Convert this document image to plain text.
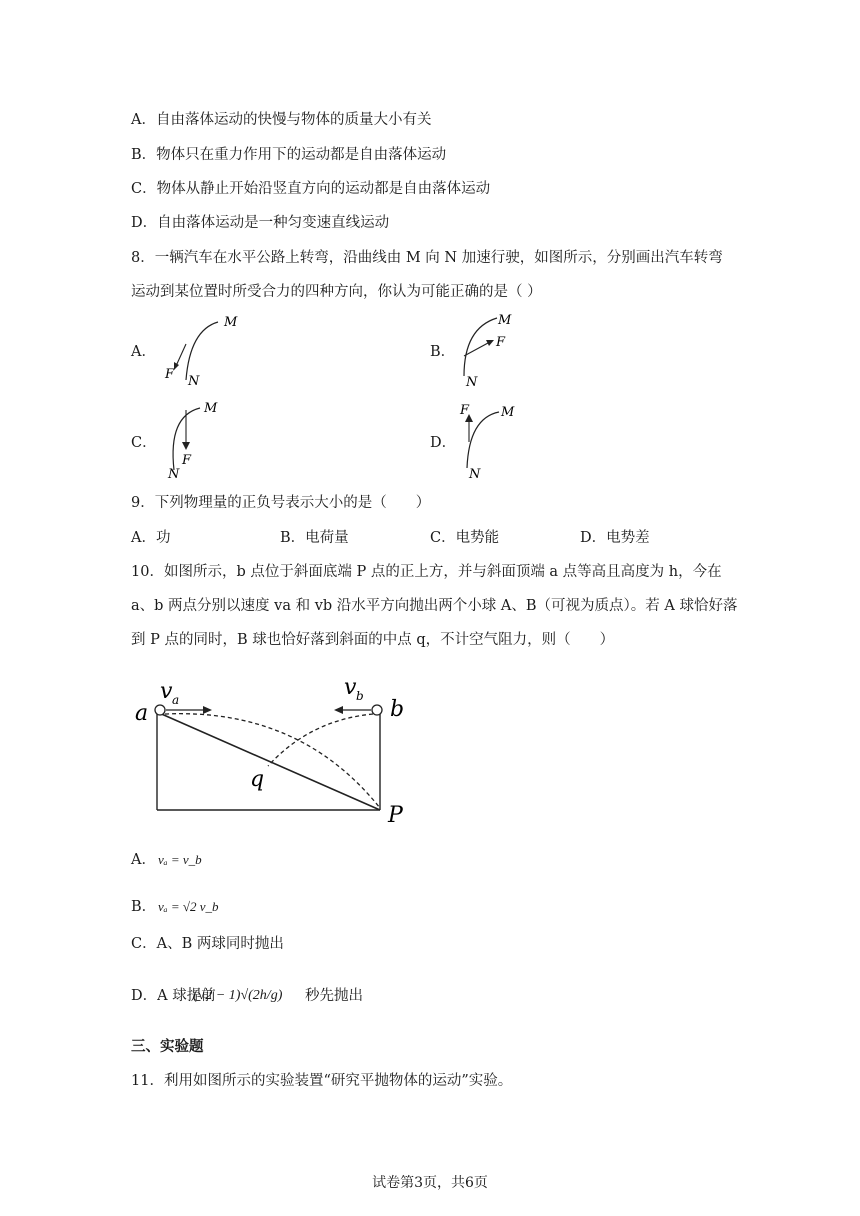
A．自由落体运动的快慢与物体的质量大小有关
B．物体只在重力作用下的运动都是自由落体运动
C．物体从静止开始沿竖直方向的运动都是自由落体运动
D．自由落体运动是一种匀变速直线运动
8．一辆汽车在水平公路上转弯，沿曲线由 M 向 N 加速行驶，如图所示，分别画出汽车转弯
运动到某位置时所受合力的四种方向，你认为可能正确的是（ ）
A．
M
N
F
B．
M
N
F
C．
M
N
F
D．
M
N
F
9．下列物理量的正负号表示大小的是（　　）
A．功	B．电荷量	C．电势能	D．电势差
10．如图所示，b 点位于斜面底端 P 点的正上方，并与斜面顶端 a 点等高且高度为 h，今在
a、b 两点分别以速度 va 和 vb 沿水平方向抛出两个小球 A、B（可视为质点）。若 A 球恰好落
到 P 点的同时，B 球也恰好落到斜面的中点 q，不计空气阻力，则（　　）
a	b
q
P
v a	v b
A． vₐ = v_b
B． vₐ = √2 v_b
C．A、B 两球同时抛出
D．A 球提前
(√2 − 1)√(2h/g) 秒先抛出
三、实验题
11．利用如图所示的实验装置“研究平抛物体的运动”实验。
试卷第3页，共6页
